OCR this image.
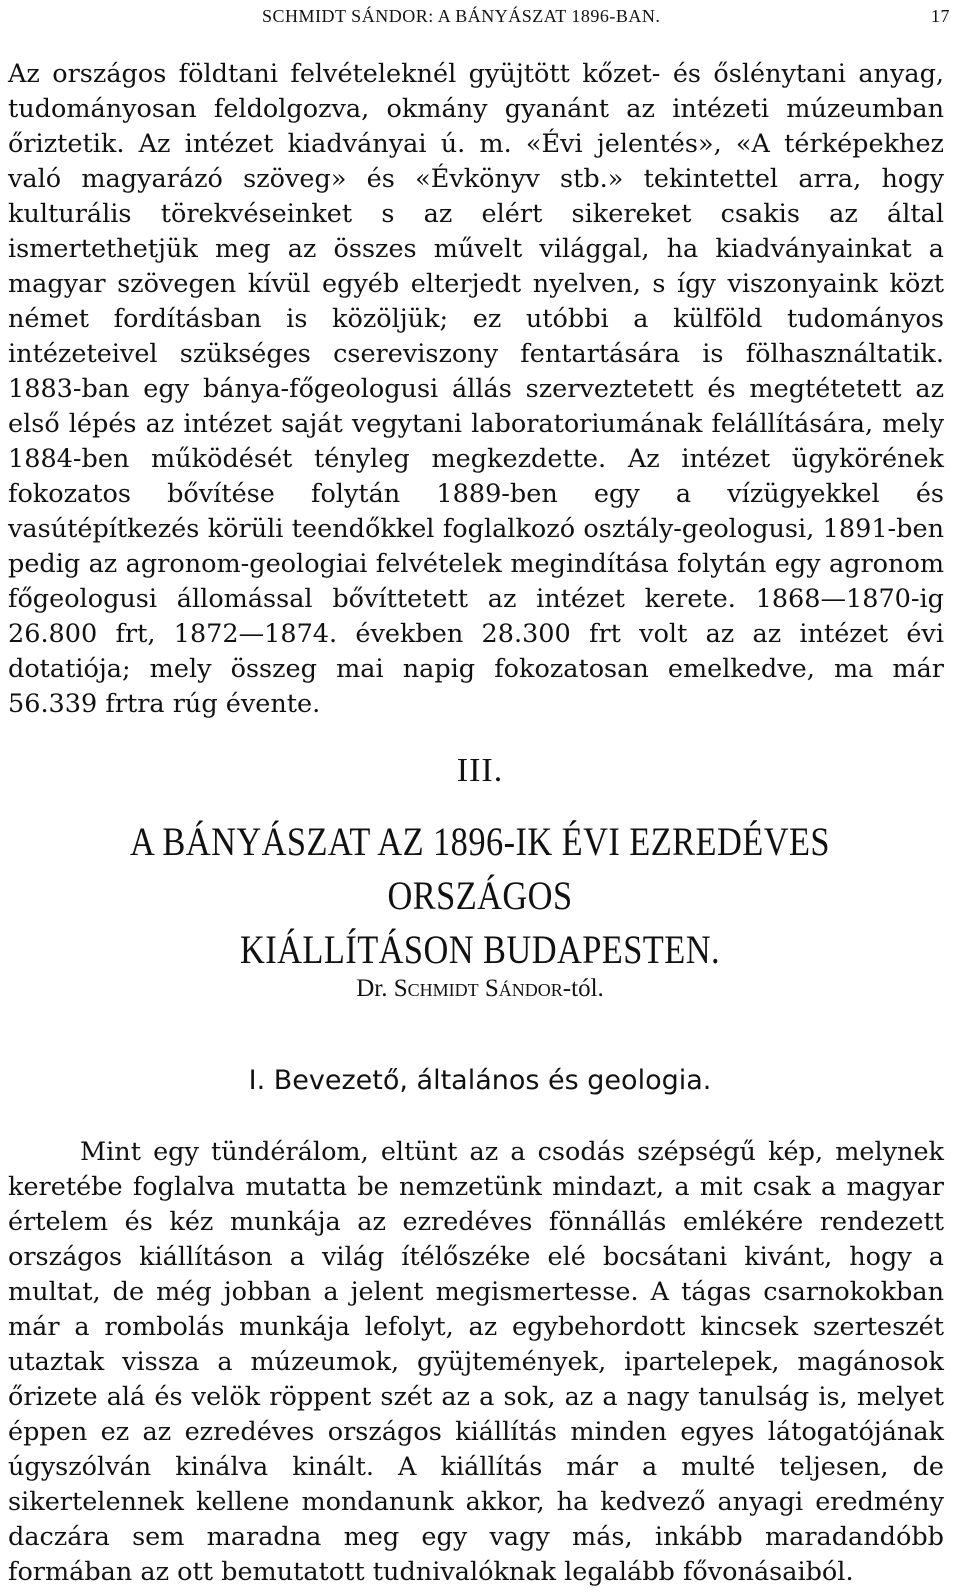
SCHMIDT SÁNDOR: A BÁNYÁSZAT 1896-BAN.	17

Az országos földtani felvételeknél gyüjtött kőzet- és őslénytani anyag, tudományosan feldolgozva, okmány gyanánt az intézeti múzeumban őriztetik. Az intézet kiadványai ú. m. «Évi jelentés», «A térképekhez való magyarázó szöveg» és «Évkönyv stb.» tekintettel arra, hogy kulturális törekvéseinket s az elért sikereket csakis az által ismertethetjük meg az összes művelt világgal, ha kiadványainkat a magyar szövegen kívül egyéb elterjedt nyelven, s így viszonyaink közt német fordításban is közöljük; ez utóbbi a külföld tudományos intézeteivel szükséges csereviszony fentartására is fölhasználtatik. 1883-ban egy bánya-főgeologusi állás szerveztetett és megtétetett az első lépés az intézet saját vegytani laboratoriumának felállítására, mely 1884-ben működését tényleg megkezdette. Az intézet ügykörének fokozatos bővítése folytán 1889-ben egy a vízügyekkel és vasútépítkezés körüli teendőkkel foglalkozó osztály-geologusi, 1891-ben pedig az agronom-geologiai felvételek megindítása folytán egy agronom főgeologusi állomással bővíttetett az intézet kerete. 1868—1870-ig 26.800 frt, 1872—1874. években 28.300 frt volt az az intézet évi dotatiója; mely összeg mai napig fokozatosan emelkedve, ma már 56.339 frtra rúg évente.

III.
A BÁNYÁSZAT AZ 1896-IK ÉVI EZREDÉVES ORSZÁGOS
KIÁLLÍTÁSON BUDAPESTEN.
Dr. Schmidt Sándor-tól.
I. Bevezető, általános és geologia.

Mint egy tündérálom, eltünt az a csodás szépségű kép, melynek keretébe foglalva mutatta be nemzetünk mindazt, a mit csak a magyar értelem és kéz munkája az ezredéves fönnállás emlékére rendezett országos kiállításon a világ ítélőszéke elé bocsátani kivánt, hogy a multat, de még jobban a jelent megismertesse. A tágas csarnokokban már a rombolás munkája lefolyt, az egybehordott kincsek szerteszét utaztak vissza a múzeumok, gyüjtemények, ipartelepek, magánosok őrizete alá és velök röppent szét az a sok, az a nagy tanulság is, melyet éppen ez az ezredéves országos kiállítás minden egyes látogatójának úgyszólván kinálva kinált. A kiállítás már a multé teljesen, de sikertelennek kellene mondanunk akkor, ha kedvező anyagi eredmény daczára sem maradna meg egy vagy más, inkább maradandóbb formában az ott bemutatott tudnivalóknak legalább fővonásaiból.
